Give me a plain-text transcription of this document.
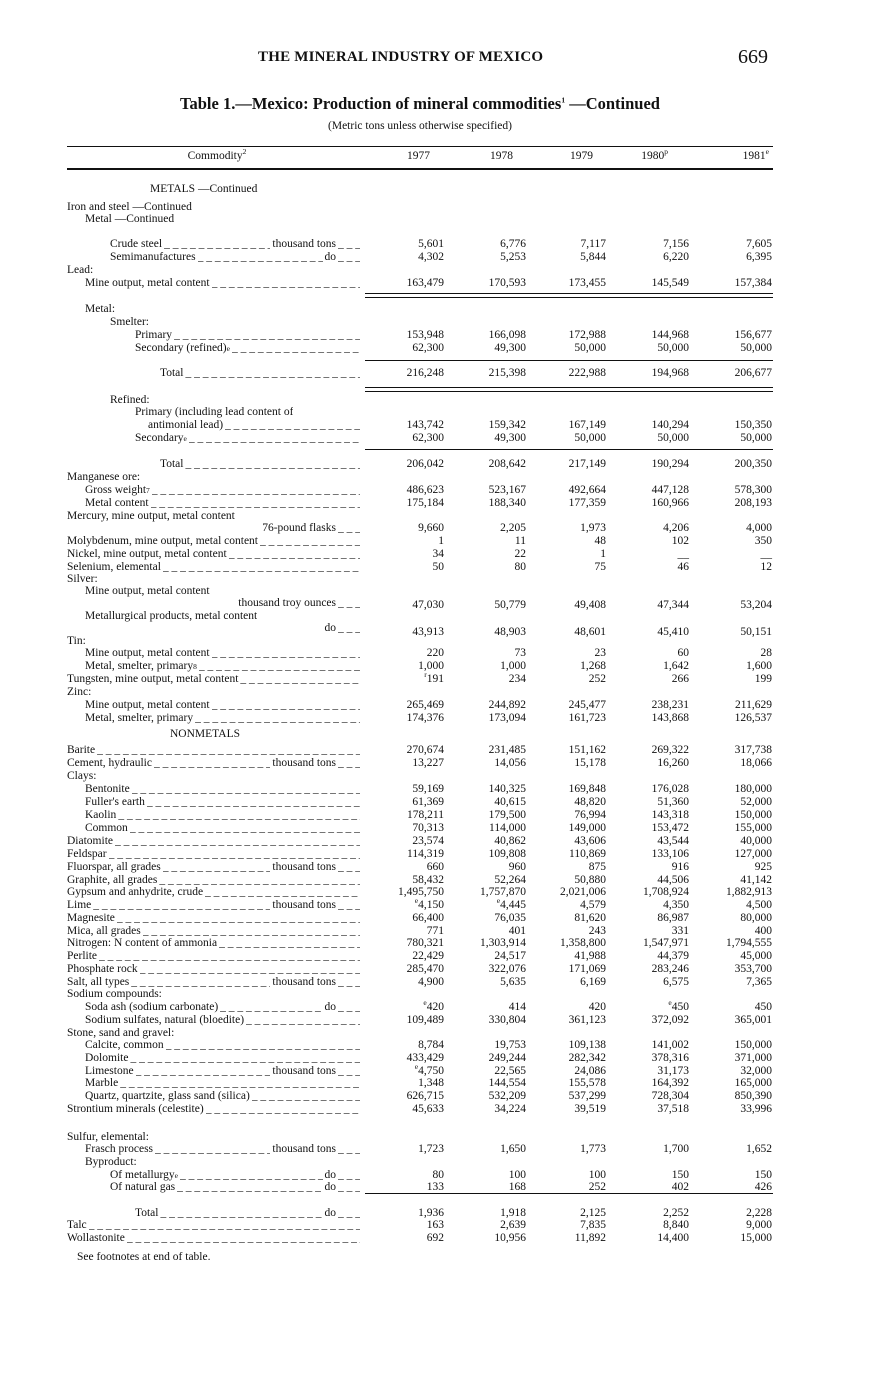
THE MINERAL INDUSTRY OF MEXICO	669
Table 1.—Mexico: Production of mineral commodities$^1$ —Continued
(Metric tons unless otherwise specified)
Commodity$^2$	1977	1978	1979	1980$^p$	1981e
METALS —Continued
Iron and steel —Continued
Metal —Continued
Crude steel _ _ _	thousand tons _ _ _	5,601	6,776	7,117	7,156	7,605
Semimanufactures _ _ _	do _ _ _	4,302	5,253	5,844	6,220	6,395
Lead:
Mine output, metal content _ _ _	163,479	170,593	173,455	145,549	157,384
Metal:
Smelter:
Primary _ _ _	153,948	166,098	172,988	144,968	156,677
Secondary (refined) e _ _ _	62,300	49,300	50,000	50,000	50,000
Total _ _ _	216,248	215,398	222,988	194,968	206,677
Refined:
Primary (including lead content of
antimonial lead) _ _ _	143,742	159,342	167,149	140,294	150,350
Secondary e _ _ _	62,300	49,300	50,000	50,000	50,000
Total _ _ _	206,042	208,642	217,149	190,294	200,350
Manganese ore:
Gross weight 7 _ _ _	486,623	523,167	492,664	447,128	578,300
Metal content _ _ _	175,184	188,340	177,359	160,966	208,193
Mercury, mine output, metal content
76-pound flasks _ _ _	9,660	2,205	1,973	4,206	4,000
Molybdenum, mine output, metal content _ _ _	1	11	48	102	350
Nickel, mine output, metal content _ _ _	34	22	1	__	__
Selenium, elemental _ _ _	50	80	75	46	12
Silver:
Mine output, metal content
thousand troy ounces _ _ _	47,030	50,779	49,408	47,344	53,204
Metallurgical products, metal content
do _ _ _	43,913	48,903	48,601	45,410	50,151
Tin:
Mine output, metal content _ _ _	220	73	23	60	28
Metal, smelter, primary 8 _ _ _	1,000	1,000	1,268	1,642	1,600
Tungsten, mine output, metal content _ _ _	$^r$191	234	252	266	199
Zinc:
Mine output, metal content _ _ _	265,469	244,892	245,477	238,231	211,629
Metal, smelter, primary _ _ _	174,376	173,094	161,723	143,868	126,537
NONMETALS
Barite _ _ _	270,674	231,485	151,162	269,322	317,738
Cement, hydraulic _ _ _	thousand tons _ _ _	13,227	14,056	15,178	16,260	18,066
Clays:
Bentonite _ _ _	59,169	140,325	169,848	176,028	180,000
Fuller's earth _ _ _	61,369	40,615	48,820	51,360	52,000
Kaolin _ _ _	178,211	179,500	76,994	143,318	150,000
Common _ _ _	70,313	114,000	149,000	153,472	155,000
Diatomite _ _ _	23,574	40,862	43,606	43,544	40,000
Feldspar _ _ _	114,319	109,808	110,869	133,106	127,000
Fluorspar, all grades _ _ _	thousand tons _ _ _	660	960	875	916	925
Graphite, all grades _ _ _	58,432	52,264	50,880	44,506	41,142
Gypsum and anhydrite, crude _ _ _	1,495,750	1,757,870	2,021,006	1,708,924	1,882,913
Lime _ _ _	thousand tons _ _ _	$^e$4,150	$^e$4,445	4,579	4,350	4,500
Magnesite _ _ _	66,400	76,035	81,620	86,987	80,000
Mica, all grades _ _ _	771	401	243	331	400
Nitrogen: N content of ammonia _ _ _	780,321	1,303,914	1,358,800	1,547,971	1,794,555
Perlite _ _ _	22,429	24,517	41,988	44,379	45,000
Phosphate rock _ _ _	285,470	322,076	171,069	283,246	353,700
Salt, all types _ _ _	thousand tons _ _ _	4,900	5,635	6,169	6,575	7,365
Sodium compounds:
Soda ash (sodium carbonate) _ _ _	do _ _ _	$^e$420	414	420	$^e$450	450
Sodium sulfates, natural (bloedite) _ _ _	109,489	330,804	361,123	372,092	365,001
Stone, sand and gravel:
Calcite, common _ _ _	8,784	19,753	109,138	141,002	150,000
Dolomite _ _ _	433,429	249,244	282,342	378,316	371,000
Limestone _ _ _	thousand tons _ _ _	$^e$4,750	22,565	24,086	31,173	32,000
Marble _ _ _	1,348	144,554	155,578	164,392	165,000
Quartz, quartzite, glass sand (silica) _ _ _	626,715	532,209	537,299	728,304	850,390
Strontium minerals (celestite) _ _ _	45,633	34,224	39,519	37,518	33,996
Sulfur, elemental:
Frasch process _ _ _	thousand tons _ _ _	1,723	1,650	1,773	1,700	1,652
Byproduct:
Of metallurgy e _ _ _	do _ _ _	80	100	100	150	150
Of natural gas _ _ _	do _ _ _	133	168	252	402	426
Total _ _ _	do _ _ _	1,936	1,918	2,125	2,252	2,228
Talc _ _ _	163	2,639	7,835	8,840	9,000
Wollastonite _ _ _	692	10,956	11,892	14,400	15,000
See footnotes at end of table.
